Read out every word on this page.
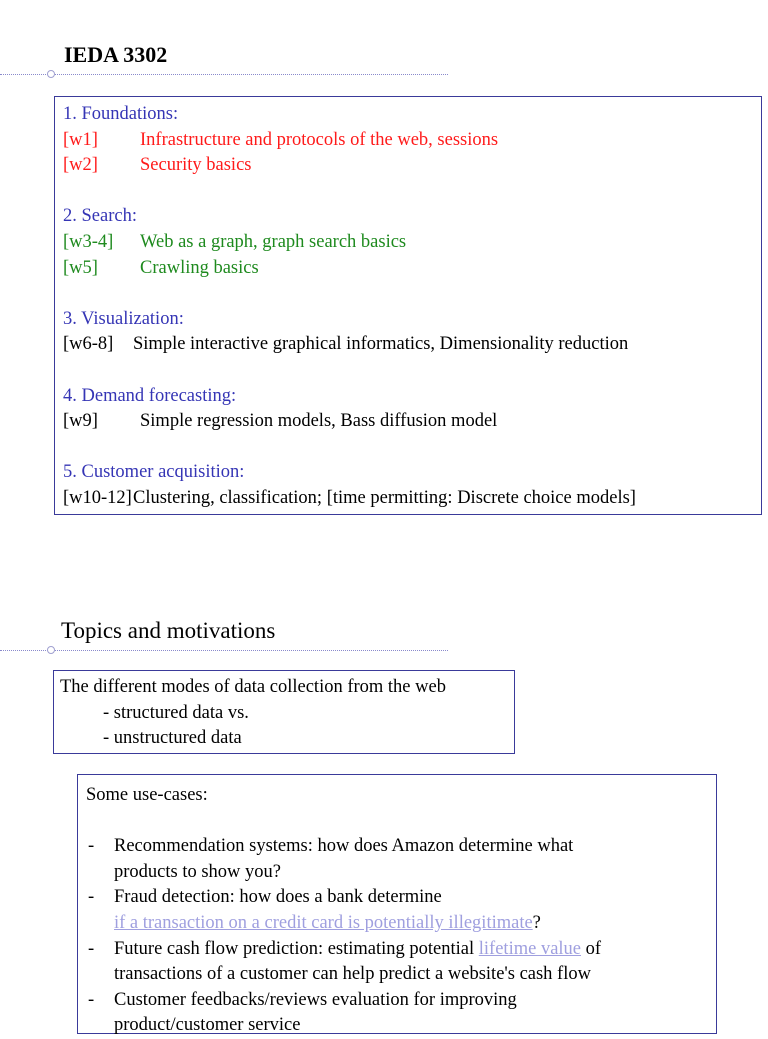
IEDA 3302
1. Foundations:
[w1]	Infrastructure and protocols of the web, sessions
[w2]	Security basics
2. Search:
[w3-4]	Web as a graph, graph search basics
[w5]	Crawling basics
3. Visualization:
[w6-8]	Simple interactive graphical informatics, Dimensionality reduction
4. Demand forecasting:
[w9]	Simple regression models, Bass diffusion model
5. Customer acquisition:
[w10-12] Clustering, classification; [time permitting: Discrete choice models]
Topics and motivations
The different modes of data collection from the web
- structured data vs.
- unstructured data
Some use-cases:
-	Recommendation systems: how does Amazon determine what
products to show you?
-	Fraud detection: how does a bank determine
if a transaction on a credit card is potentially illegitimate?
-	Future cash flow prediction: estimating potential lifetime value of
transactions of a customer can help predict a website's cash flow
-	Customer feedbacks/reviews evaluation for improving
product/customer service
